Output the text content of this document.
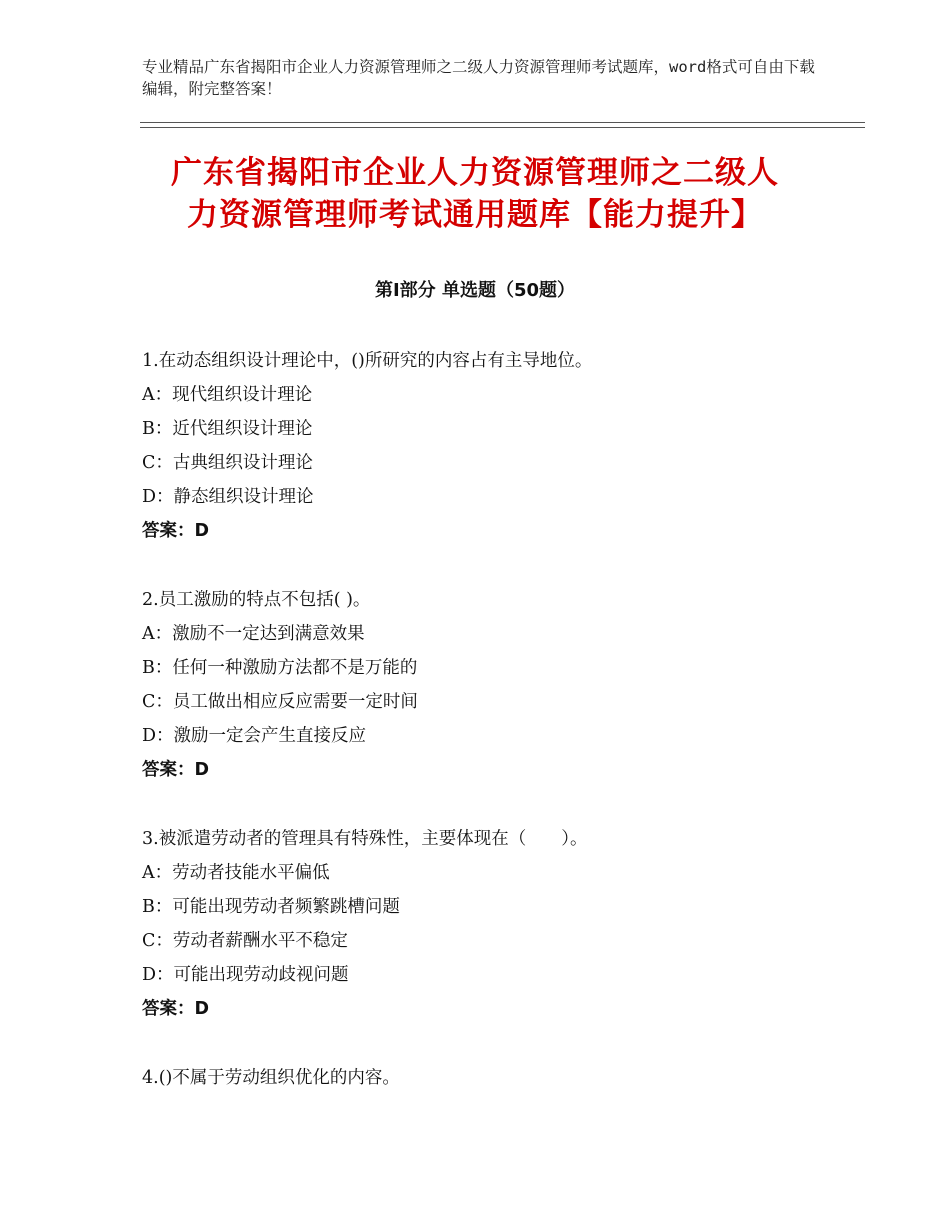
专业精品广东省揭阳市企业人力资源管理师之二级人力资源管理师考试题库，word格式可自由下载编辑，附完整答案！
广东省揭阳市企业人力资源管理师之二级人
力资源管理师考试通用题库【能力提升】
第Ⅰ部分 单选题（50题）
1.在动态组织设计理论中，()所研究的内容占有主导地位。
A：现代组织设计理论
B：近代组织设计理论
C：古典组织设计理论
D：静态组织设计理论
答案：D
2.员工激励的特点不包括( )。
A：激励不一定达到满意效果
B：任何一种激励方法都不是万能的
C：员工做出相应反应需要一定时间
D：激励一定会产生直接反应
答案：D
3.被派遣劳动者的管理具有特殊性，主要体现在（　　）。
A：劳动者技能水平偏低
B：可能出现劳动者频繁跳槽问题
C：劳动者薪酬水平不稳定
D：可能出现劳动歧视问题
答案：D
4.()不属于劳动组织优化的内容。
